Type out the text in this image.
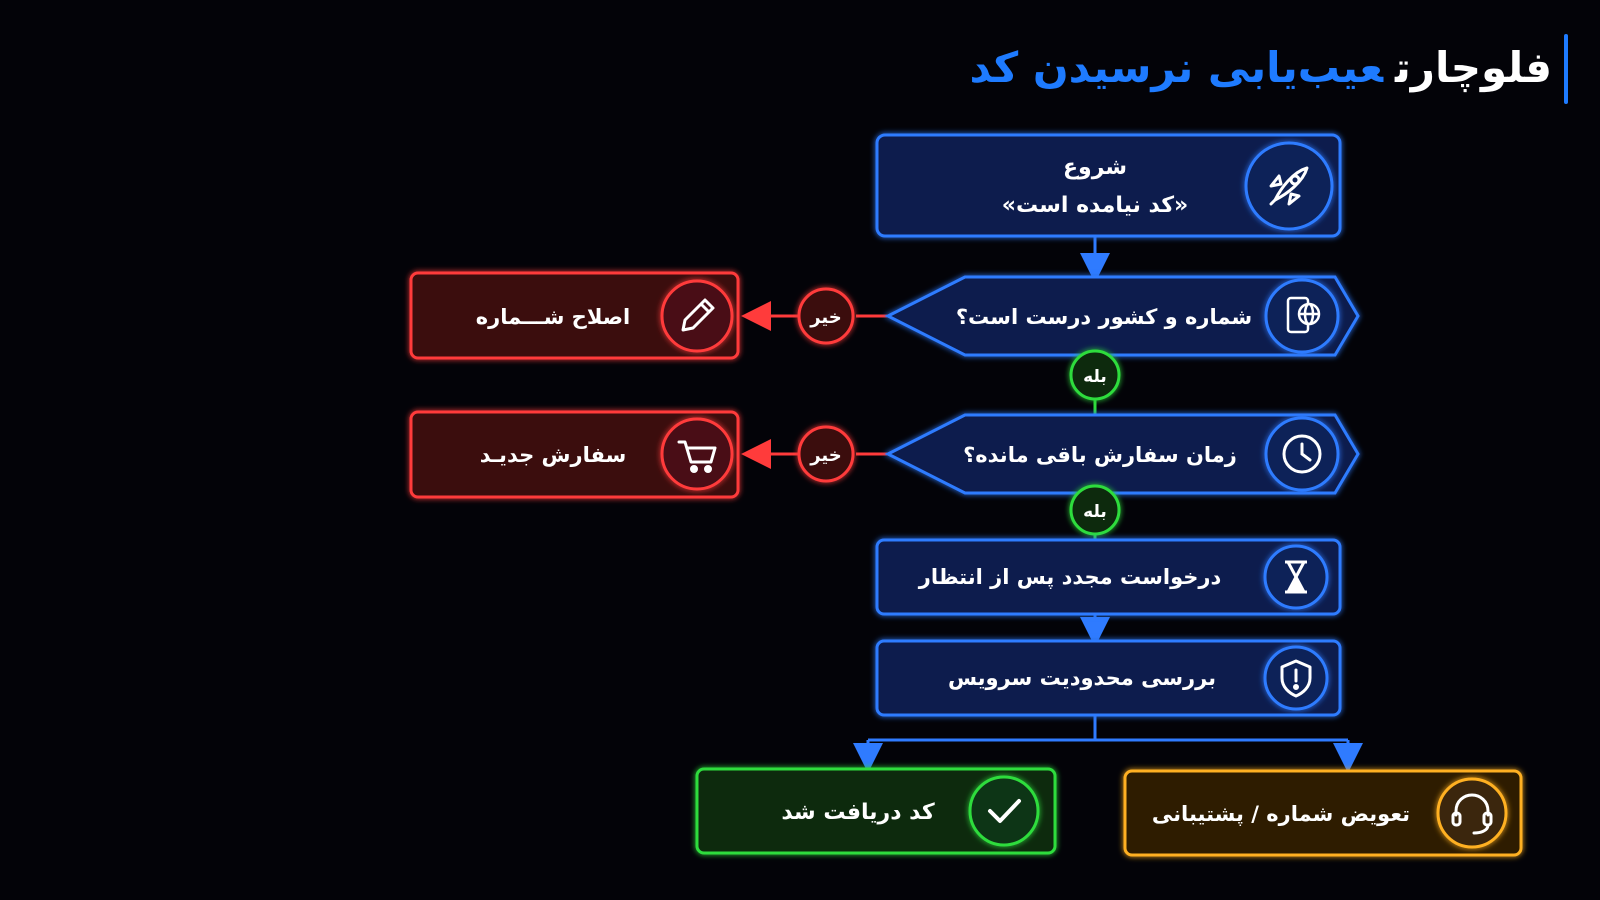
فلوچارتعیب‌یابی نرسیدن کد
شروع
«کد نیامده است»
شماره و کشور درست است؟
زمان سفارش باقی مانده؟
بله
بله
خیر
خیر
اصلاح شـــماره
سفارش جدیـد
درخواست مجدد پس از انتظار
بررسی محدودیت سرویس
کد دریافت شد	تعویض شماره / پشتیبانی
